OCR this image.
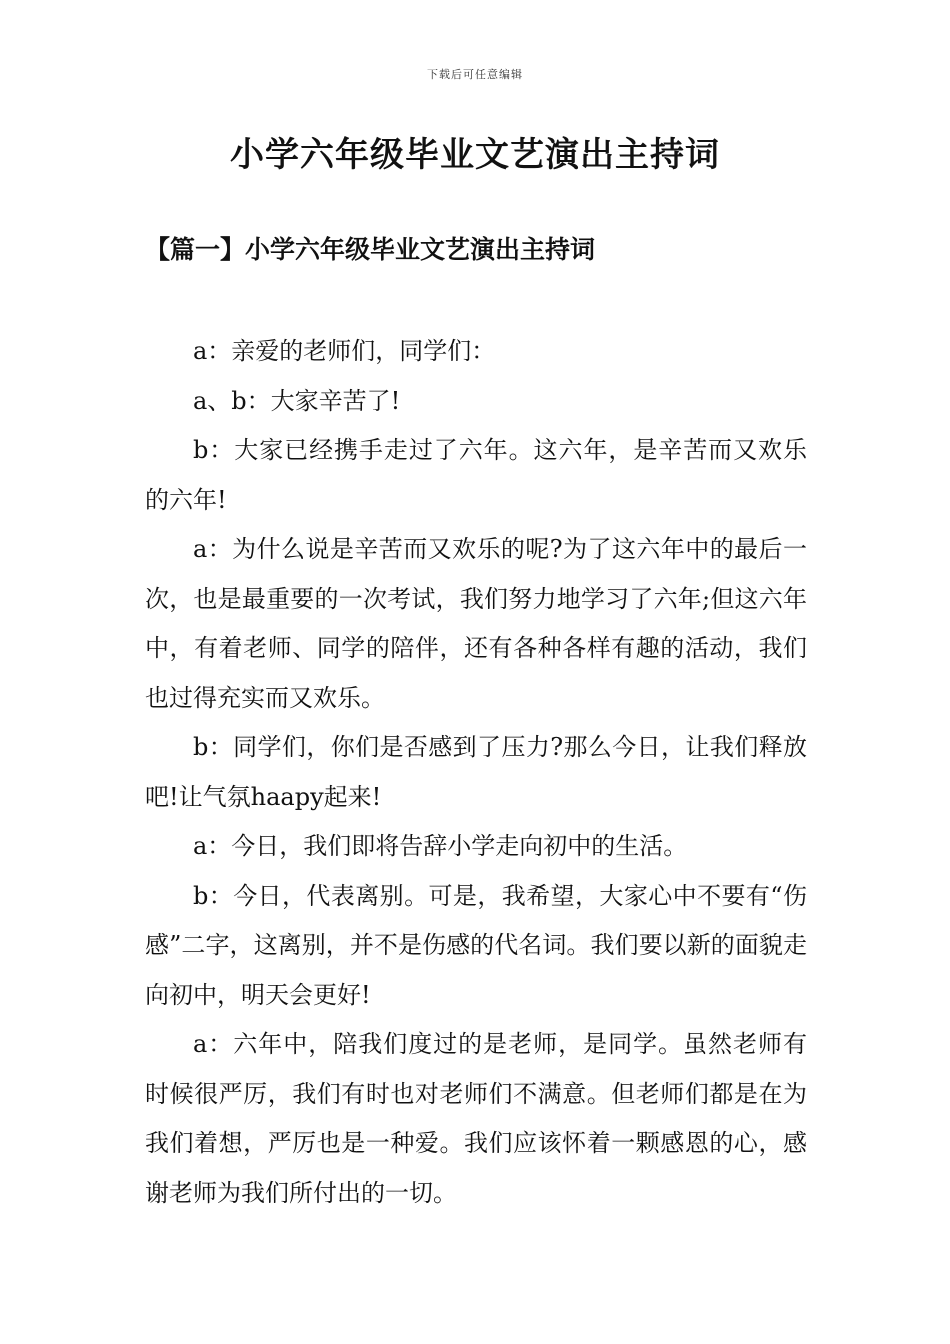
下载后可任意编辑
小学六年级毕业文艺演出主持词
【篇一】小学六年级毕业文艺演出主持词

a：亲爱的老师们，同学们：

a、b：大家辛苦了!

b：大家已经携手走过了六年。这六年，是辛苦而又欢乐的六年!

a：为什么说是辛苦而又欢乐的呢?为了这六年中的最后一次，也是最重要的一次考试，我们努力地学习了六年;但这六年中，有着老师、同学的陪伴，还有各种各样有趣的活动，我们也过得充实而又欢乐。

b：同学们，你们是否感到了压力?那么今日，让我们释放吧!让气氛haapy起来!

a：今日，我们即将告辞小学走向初中的生活。

b：今日，代表离别。可是，我希望，大家心中不要有“伤感”二字，这离别，并不是伤感的代名词。我们要以新的面貌走向初中，明天会更好!

a：六年中，陪我们度过的是老师，是同学。虽然老师有时候很严厉，我们有时也对老师们不满意。但老师们都是在为我们着想，严厉也是一种爱。我们应该怀着一颗感恩的心，感谢老师为我们所付出的一切。
